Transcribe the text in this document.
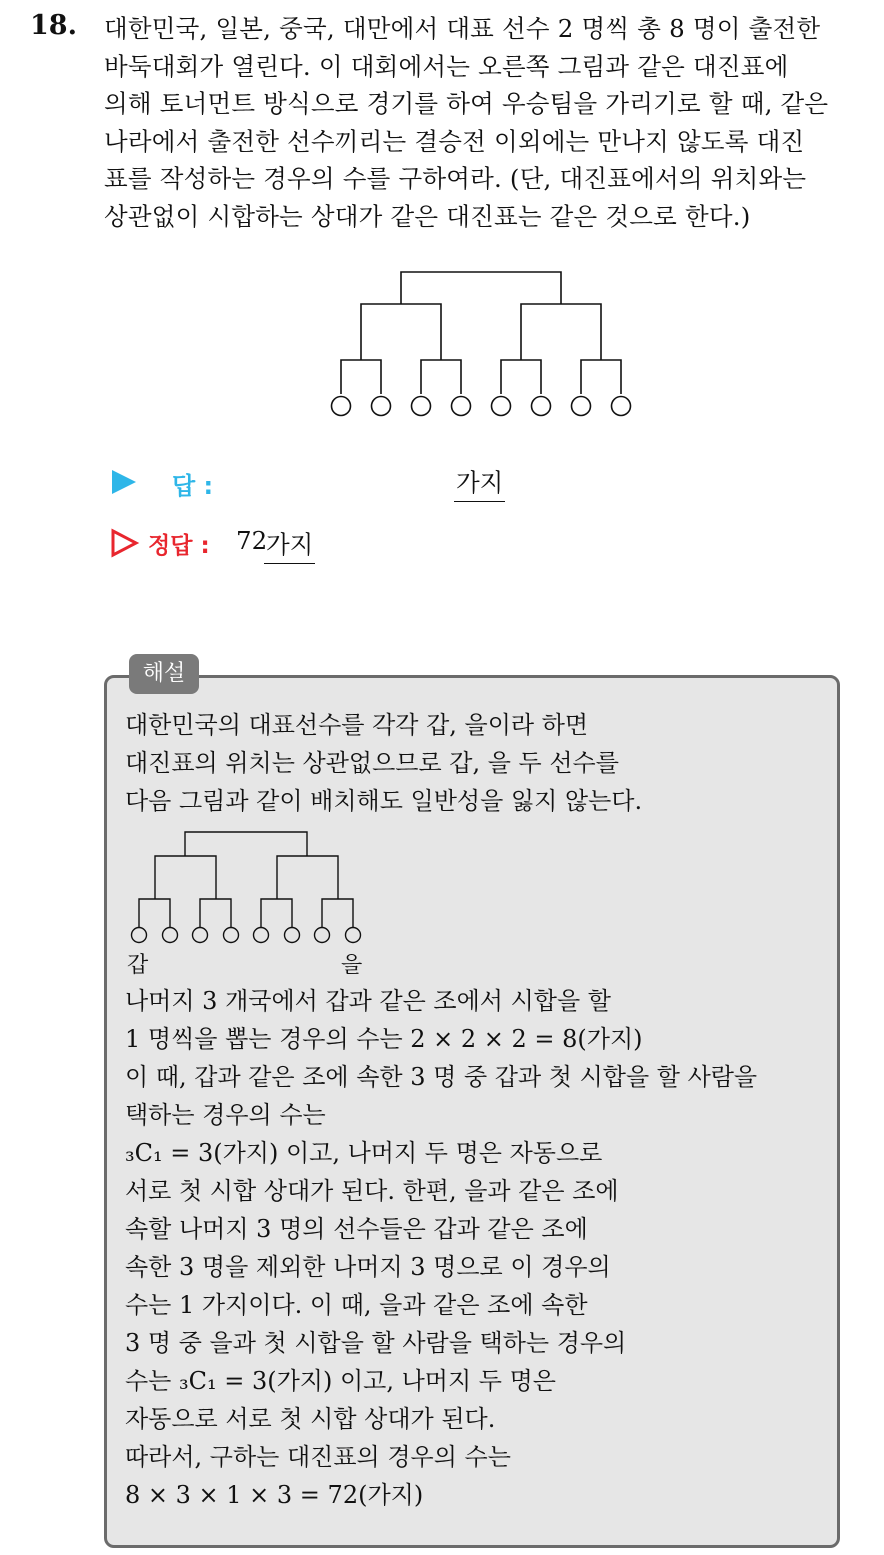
18. 대한민국, 일본, 중국, 대만에서 대표 선수 2 명씩 총 8 명이 출전한
바둑대회가 열린다. 이 대회에서는 오른쪽 그림과 같은 대진표에
의해 토너먼트 방식으로 경기를 하여 우승팀을 가리기로 할 때, 같은
나라에서 출전한 선수끼리는 결승전 이외에는 만나지 않도록 대진
표를 작성하는 경우의 수를 구하여라. (단, 대진표에서의 위치와는
상관없이 시합하는 상대가 같은 대진표는 같은 것으로 한다.)
답 :	가지
정답 : 72
가지
해설
대한민국의 대표선수를 각각 갑, 을이라 하면
대진표의 위치는 상관없으므로 갑, 을 두 선수를
다음 그림과 같이 배치해도 일반성을 잃지 않는다.
갑	을
나머지 3 개국에서 갑과 같은 조에서 시합을 할
1 명씩을 뽑는 경우의 수는 2 × 2 × 2 = 8(가지)
이 때, 갑과 같은 조에 속한 3 명 중 갑과 첫 시합을 할 사람을
택하는 경우의 수는
₃C₁ = 3(가지) 이고, 나머지 두 명은 자동으로
서로 첫 시합 상대가 된다. 한편, 을과 같은 조에
속할 나머지 3 명의 선수들은 갑과 같은 조에
속한 3 명을 제외한 나머지 3 명으로 이 경우의
수는 1 가지이다. 이 때, 을과 같은 조에 속한
3 명 중 을과 첫 시합을 할 사람을 택하는 경우의
수는 ₃C₁ = 3(가지) 이고, 나머지 두 명은
자동으로 서로 첫 시합 상대가 된다.
따라서, 구하는 대진표의 경우의 수는
8 × 3 × 1 × 3 = 72(가지)
